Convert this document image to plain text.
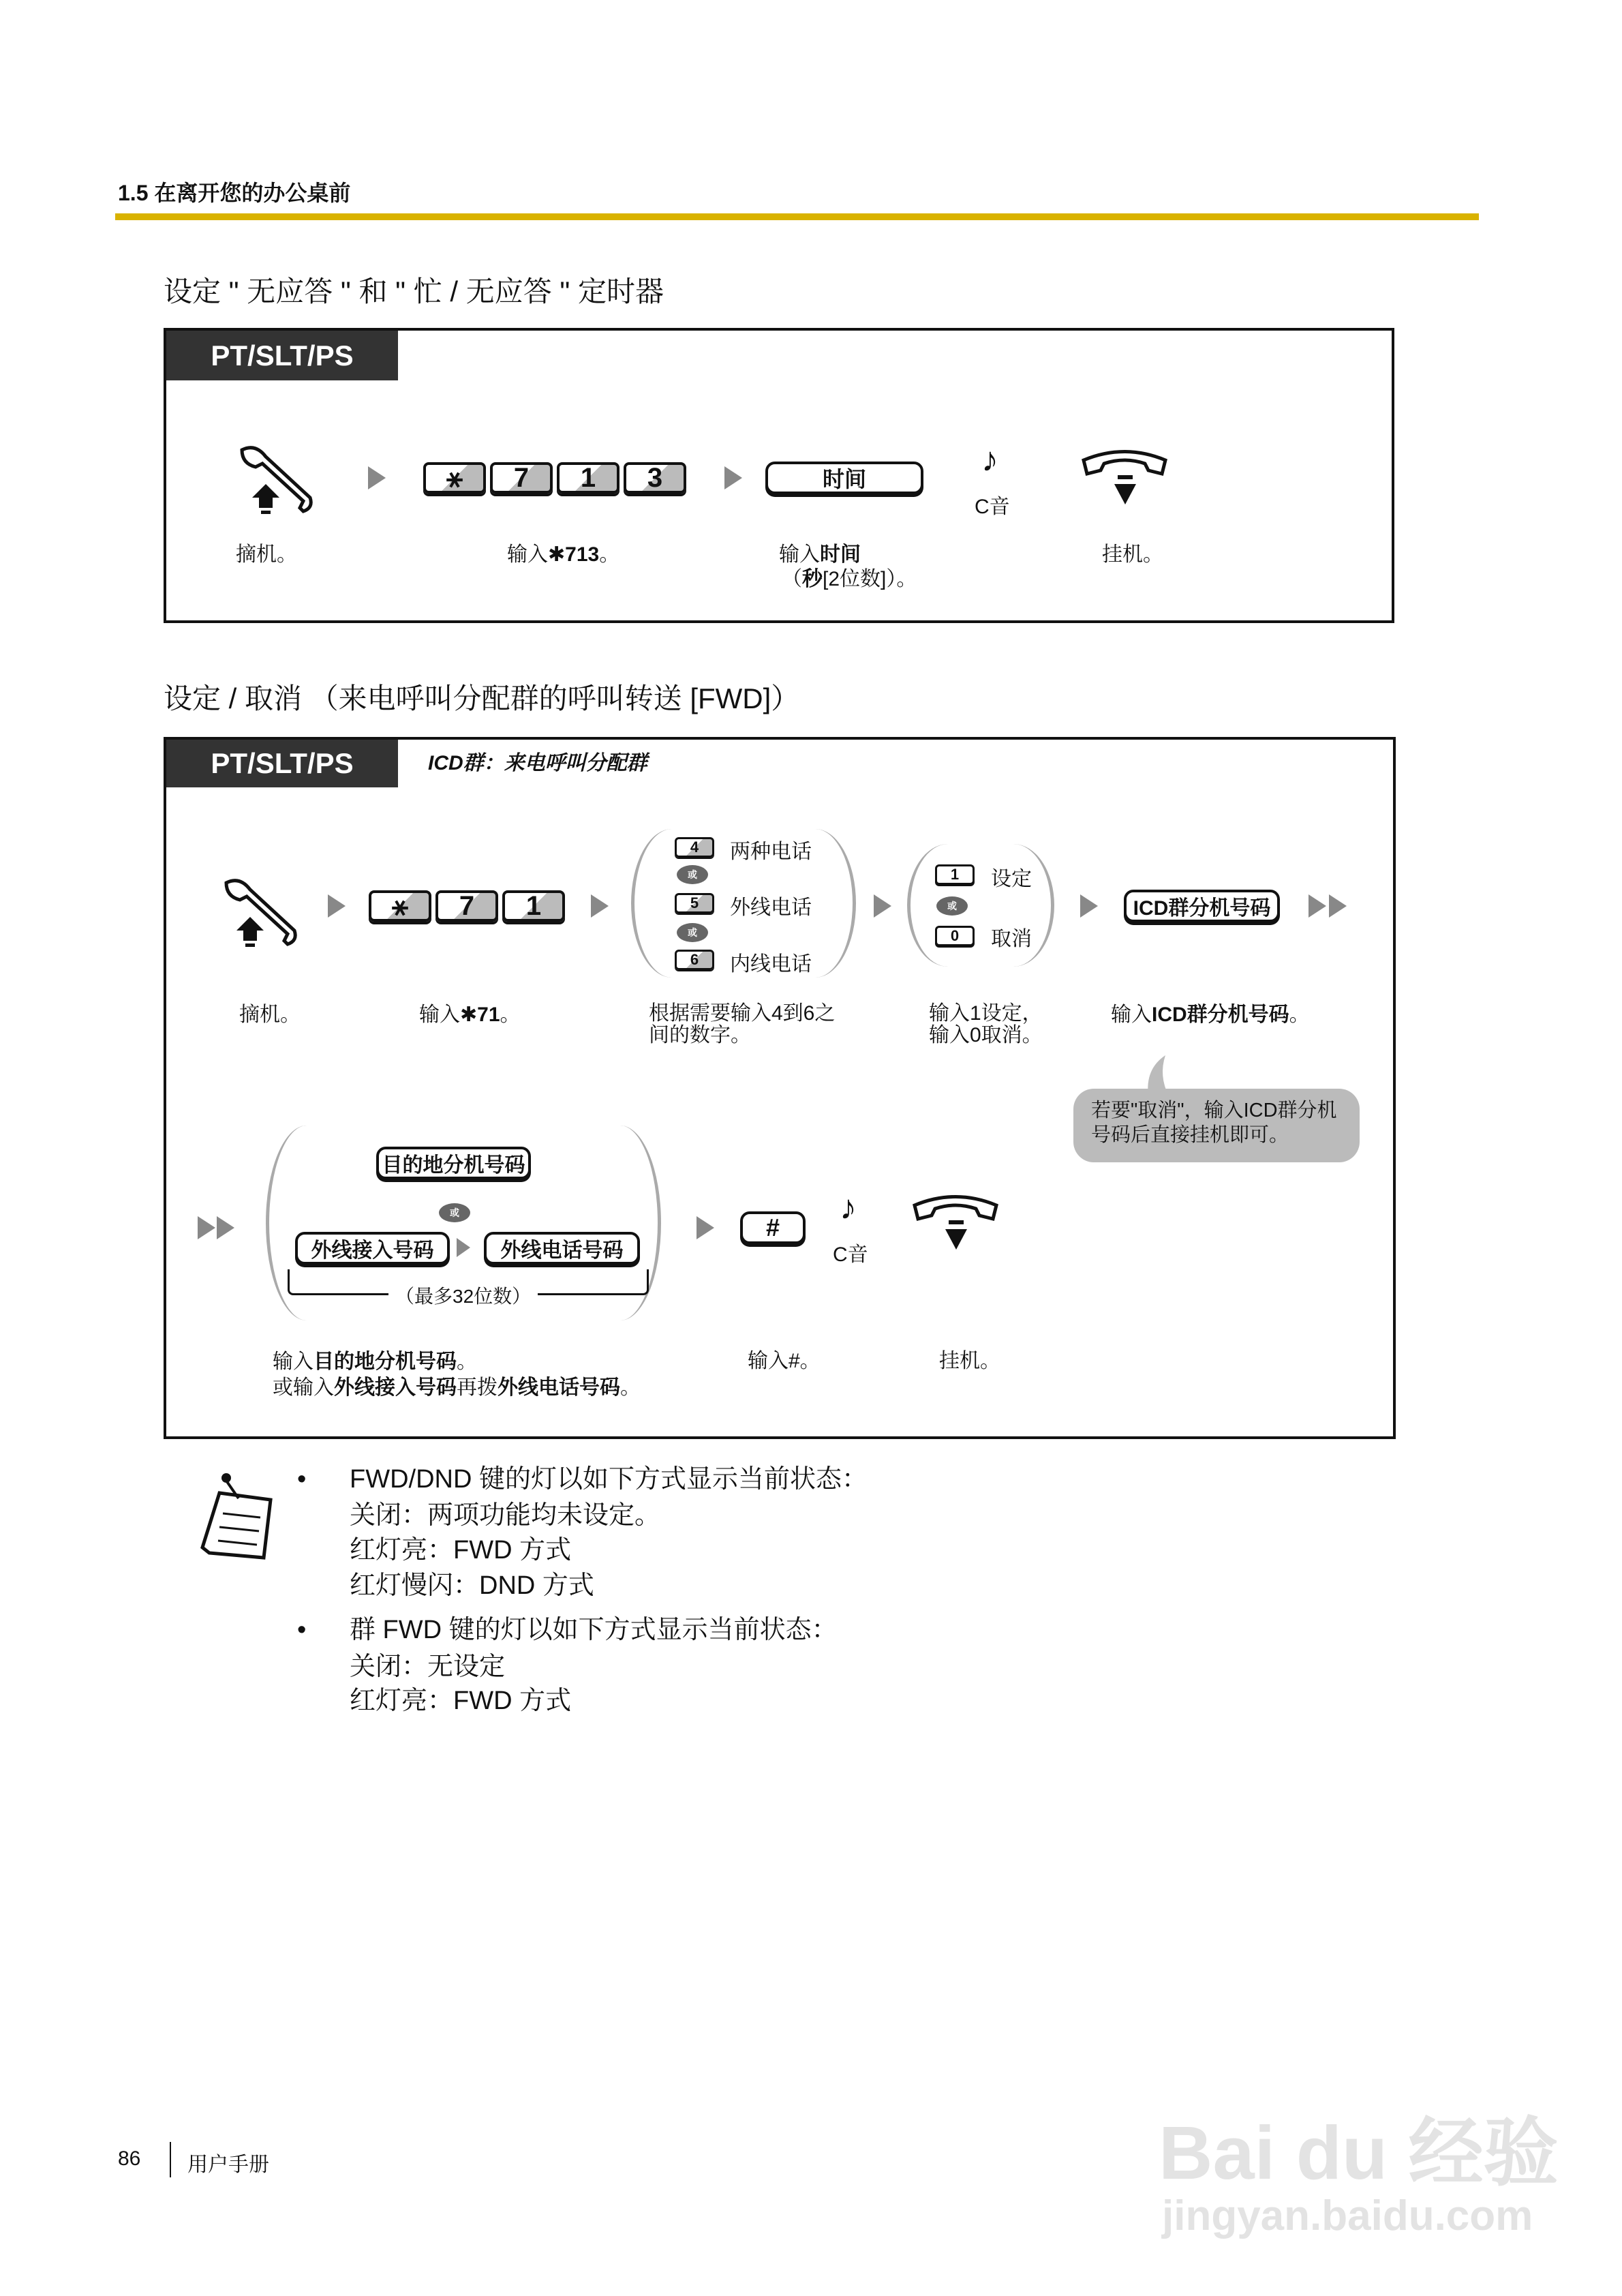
1.5 在离开您的办公桌前
设定 " 无应答 " 和 " 忙 / 无应答 " 定时器
PT/SLT/PS
⚹	7	1	3	时间
♪
C音
摘机。	输入✱713。	输入时间
（秒[2位数]）。
挂机。
设定 / 取消 （来电呼叫分配群的呼叫转送 [FWD]）
PT/SLT/PS	ICD群：来电呼叫分配群
⚹	7	1
4	两种电话
或
5	外线电话
或
6	内线电话
1	设定
或
0	取消
ICD群分机号码
摘机。	输入✱71。	根据需要输入4到6之
间的数字。
输入1设定，
输入0取消。
输入ICD群分机号码。
若要"取消"，输入ICD群分机号码后直接挂机即可。
目的地分机号码
或
外线接入号码	外线电话号码
（最多32位数）
#
♪
C音
输入目的地分机号码。
或输入外线接入号码再拨外线电话号码。
输入#。	挂机。
• FWD/DND 键的灯以如下方式显示当前状态：
关闭：两项功能均未设定。
红灯亮：FWD 方式
红灯慢闪：DND 方式
• 群 FWD 键的灯以如下方式显示当前状态：
关闭：无设定
红灯亮：FWD 方式
86 用户手册	Bai du 经验
jingyan.baidu.com
